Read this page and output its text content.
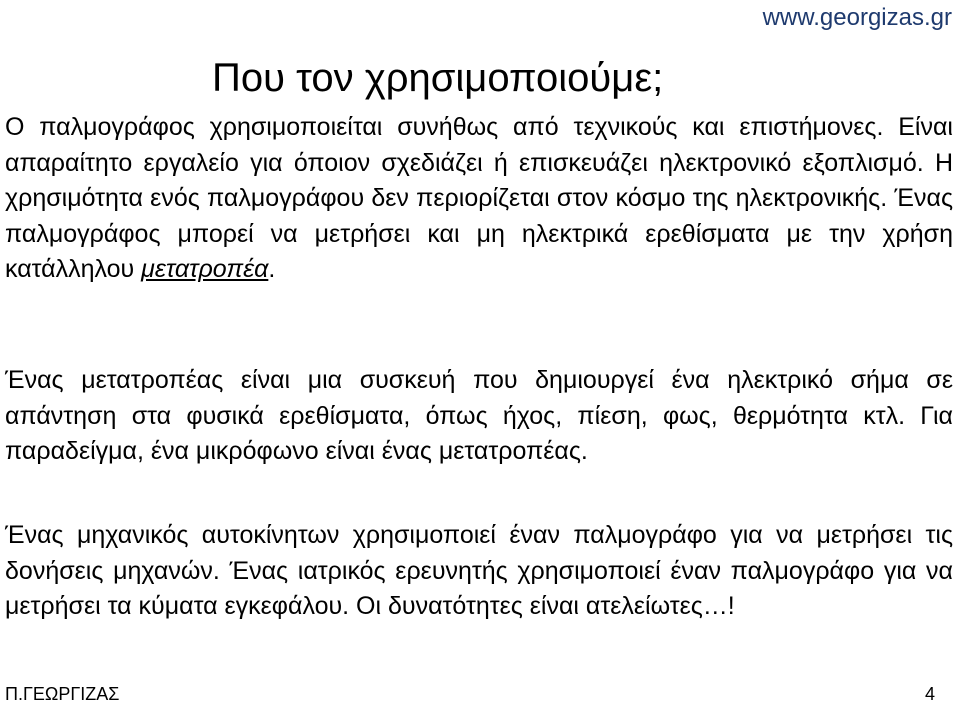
www.georgizas.gr
Που τον χρησιμοποιούμε;

Ο παλμογράφος χρησιμοποιείται συνήθως από τεχνικούς και επιστήμονες. Είναι απαραίτητο εργαλείο για όποιον σχεδιάζει ή επισκευάζει ηλεκτρονικό εξοπλισμό. Η χρησιμότητα ενός παλμογράφου δεν περιορίζεται στον κόσμο της ηλεκτρονικής. Ένας παλμογράφος μπορεί να μετρήσει και μη ηλεκτρικά ερεθίσματα με την χρήση κατάλληλου μετατροπέα.

Ένας μετατροπέας είναι μια συσκευή που δημιουργεί ένα ηλεκτρικό σήμα σε απάντηση στα φυσικά ερεθίσματα, όπως ήχος, πίεση, φως, θερμότητα κτλ. Για παραδείγμα, ένα μικρόφωνο είναι ένας μετατροπέας.

Ένας μηχανικός αυτοκίνητων χρησιμοποιεί έναν παλμογράφο για να μετρήσει τις δονήσεις μηχανών. Ένας ιατρικός ερευνητής χρησιμοποιεί έναν παλμογράφο για να μετρήσει τα κύματα εγκεφάλου. Οι δυνατότητες είναι ατελείωτες…!

Π.ΓΕΩΡΓΙΖΑΣ	4
